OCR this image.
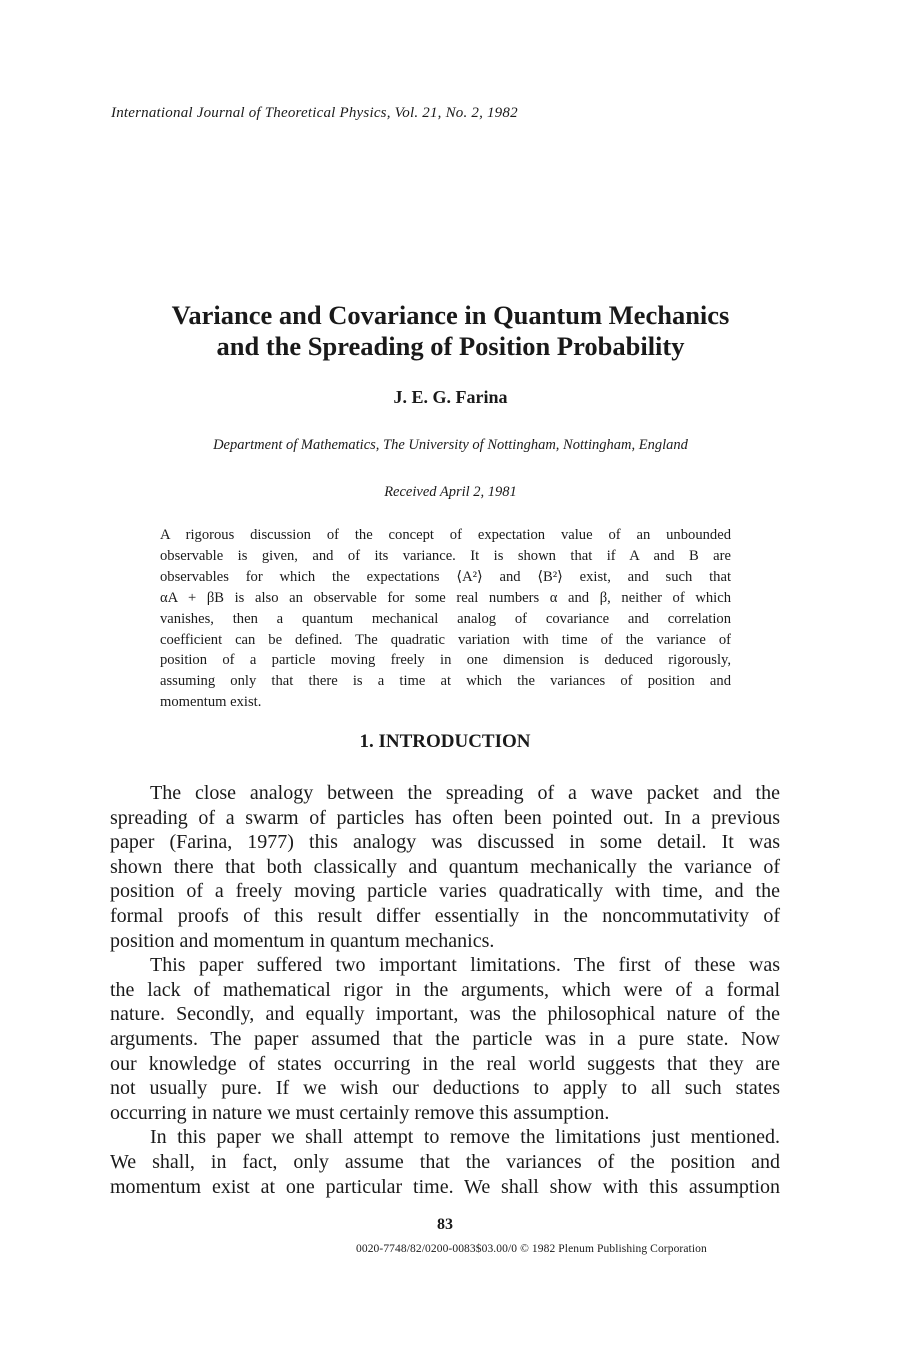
International Journal of Theoretical Physics, Vol. 21, No. 2, 1982
Variance and Covariance in Quantum Mechanics
and the Spreading of Position Probability
J. E. G. Farina
Department of Mathematics, The University of Nottingham, Nottingham, England
Received April 2, 1981
A rigorous discussion of the concept of expectation value of an unbounded
observable is given, and of its variance. It is shown that if A and B are
observables for which the expectations ⟨A²⟩ and ⟨B²⟩ exist, and such that
αA + βB is also an observable for some real numbers α and β, neither of which
vanishes, then a quantum mechanical analog of covariance and correlation
coefficient can be defined. The quadratic variation with time of the variance of
position of a particle moving freely in one dimension is deduced rigorously,
assuming only that there is a time at which the variances of position and
momentum exist.
1. INTRODUCTION
The close analogy between the spreading of a wave packet and the
spreading of a swarm of particles has often been pointed out. In a previous
paper (Farina, 1977) this analogy was discussed in some detail. It was
shown there that both classically and quantum mechanically the variance of
position of a freely moving particle varies quadratically with time, and the
formal proofs of this result differ essentially in the noncommutativity of
position and momentum in quantum mechanics.
This paper suffered two important limitations. The first of these was
the lack of mathematical rigor in the arguments, which were of a formal
nature. Secondly, and equally important, was the philosophical nature of the
arguments. The paper assumed that the particle was in a pure state. Now
our knowledge of states occurring in the real world suggests that they are
not usually pure. If we wish our deductions to apply to all such states
occurring in nature we must certainly remove this assumption.
In this paper we shall attempt to remove the limitations just mentioned.
We shall, in fact, only assume that the variances of the position and
momentum exist at one particular time. We shall show with this assumption
83
0020-7748/82/0200-0083$03.00/0 © 1982 Plenum Publishing Corporation
